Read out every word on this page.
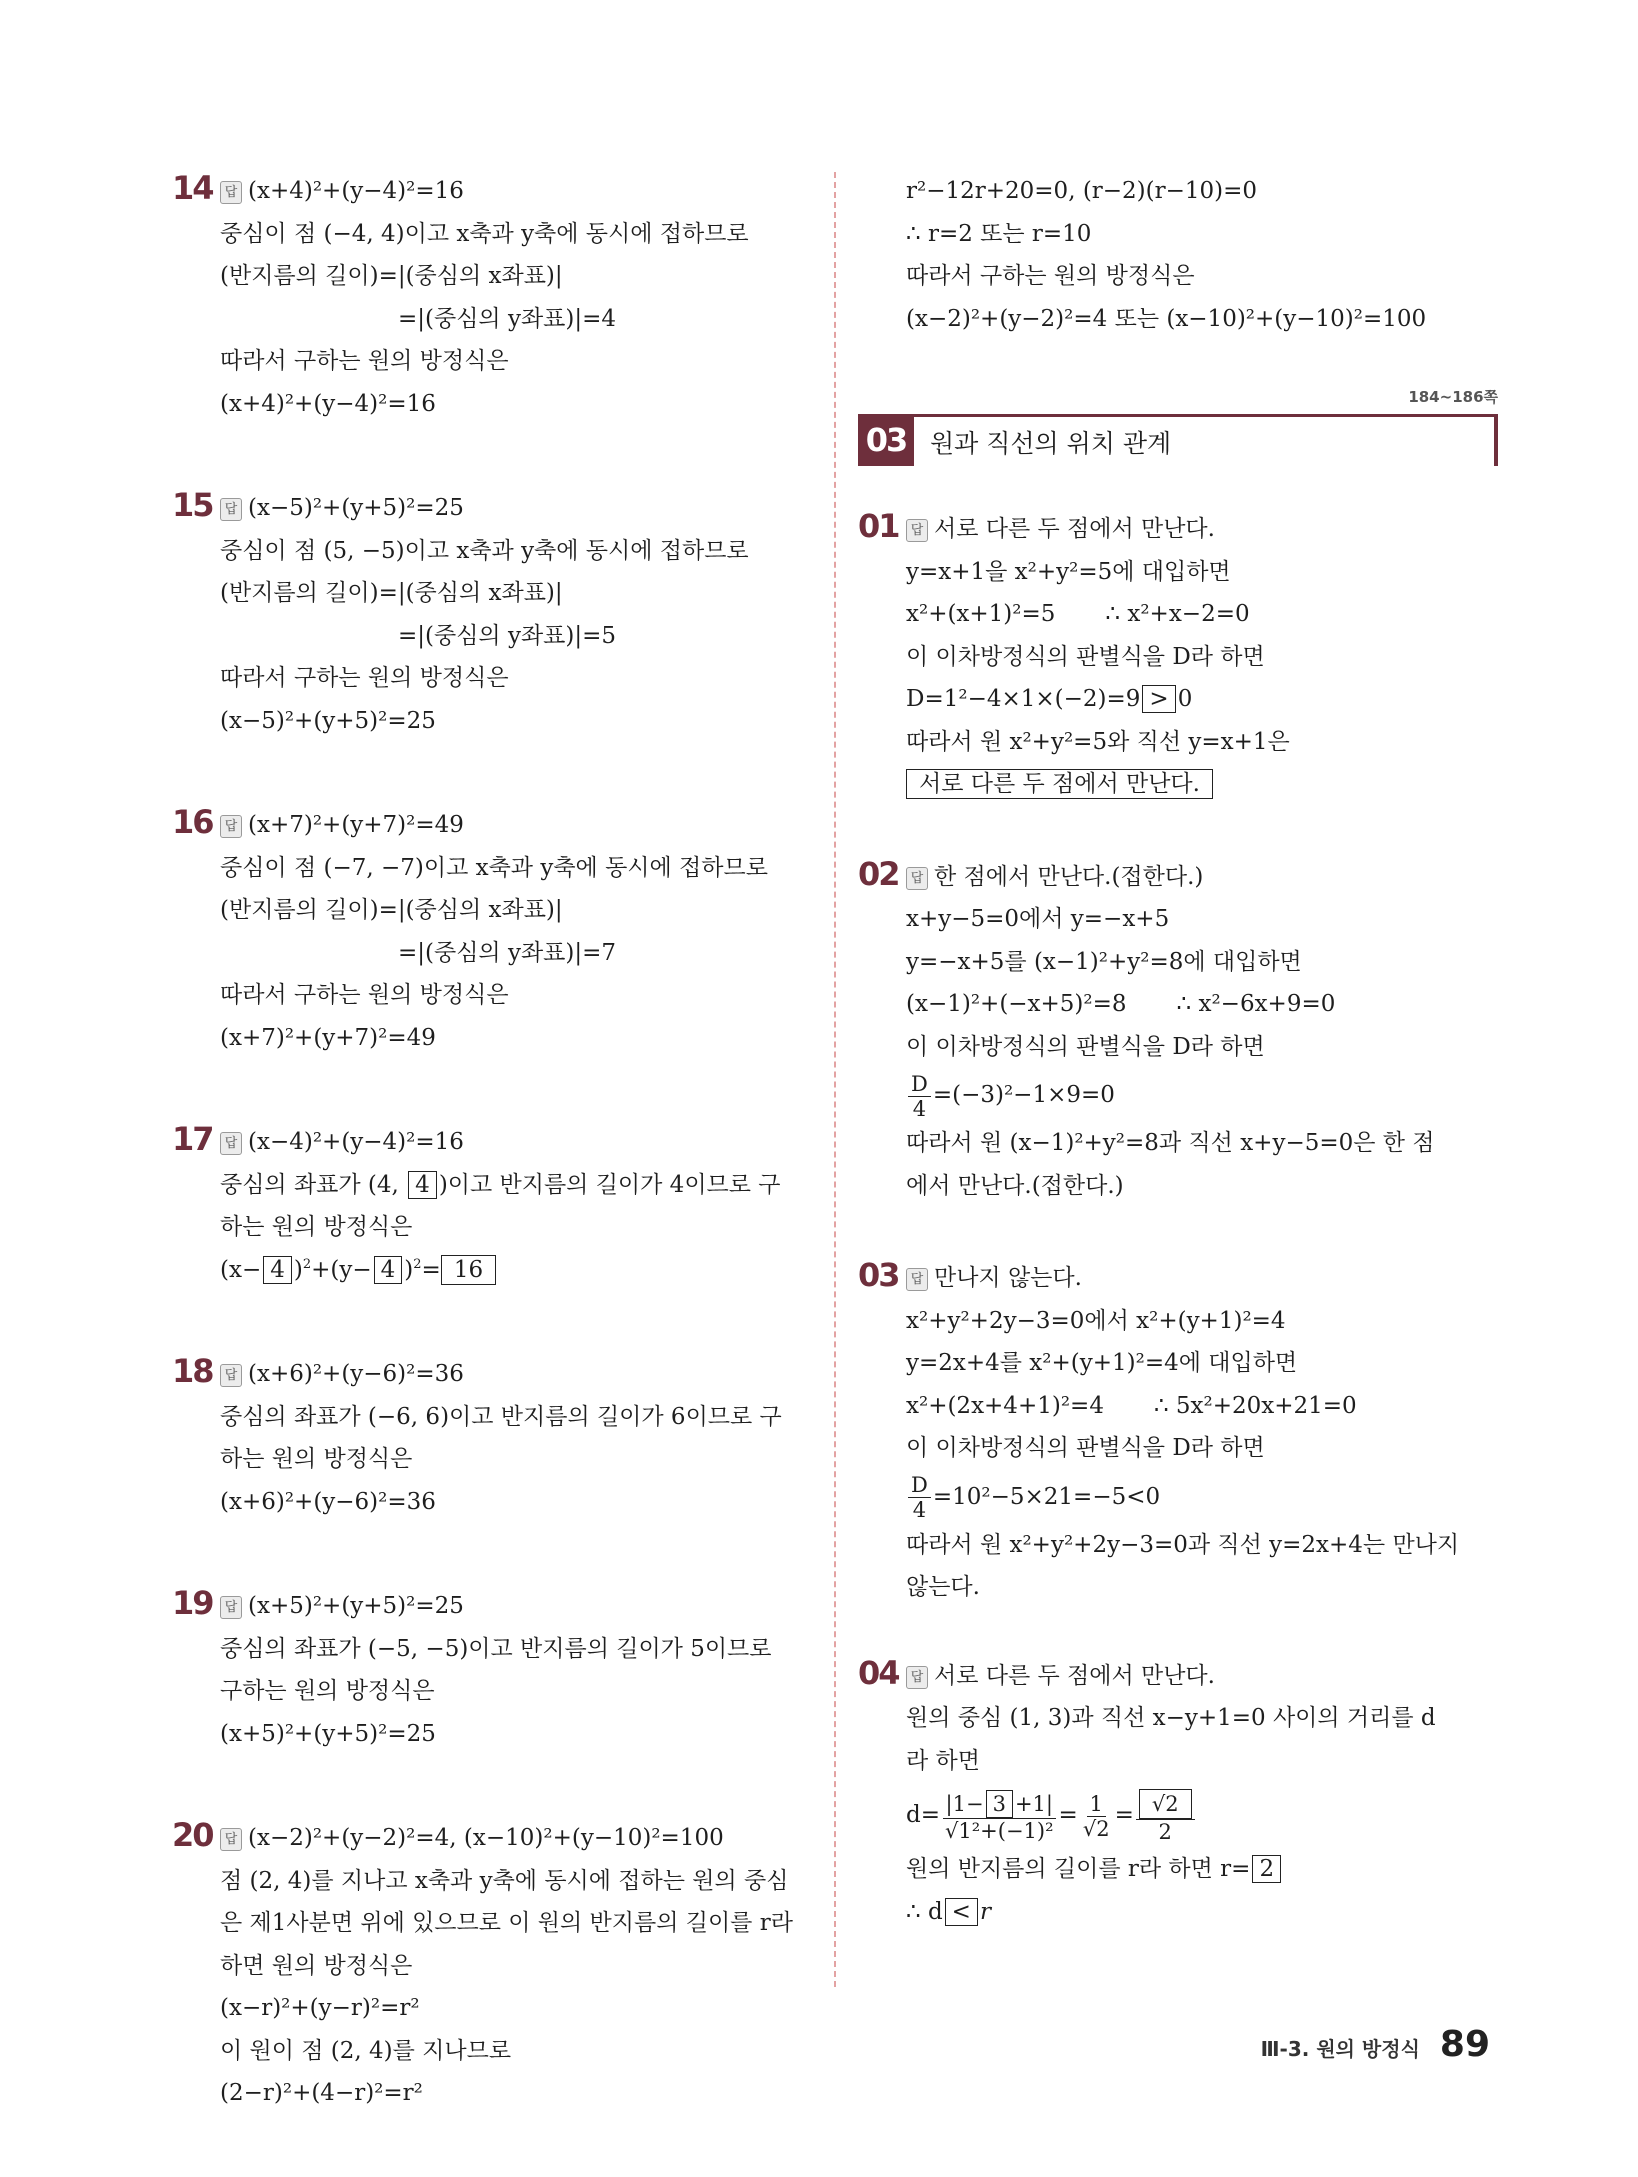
14 답 (x+4)²+(y−4)²=16
중심이 점 (−4, 4)이고 x축과 y축에 동시에 접하므로
(반지름의 길이)=|(중심의 x좌표)|
=|(중심의 y좌표)|=4
따라서 구하는 원의 방정식은
(x+4)²+(y−4)²=16
15 답 (x−5)²+(y+5)²=25
중심이 점 (5, −5)이고 x축과 y축에 동시에 접하므로
(반지름의 길이)=|(중심의 x좌표)|
=|(중심의 y좌표)|=5
따라서 구하는 원의 방정식은
(x−5)²+(y+5)²=25
16 답 (x+7)²+(y+7)²=49
중심이 점 (−7, −7)이고 x축과 y축에 동시에 접하므로
(반지름의 길이)=|(중심의 x좌표)|
=|(중심의 y좌표)|=7
따라서 구하는 원의 방정식은
(x+7)²+(y+7)²=49
17 답 (x−4)²+(y−4)²=16
중심의 좌표가 (4, 4 )이고 반지름의 길이가 4이므로 구
하는 원의 방정식은
(x− 4 )$^2$+(y− 4 )$^2$= 16
18 답 (x+6)²+(y−6)²=36
중심의 좌표가 (−6, 6)이고 반지름의 길이가 6이므로 구
하는 원의 방정식은
(x+6)²+(y−6)²=36
19 답 (x+5)²+(y+5)²=25
중심의 좌표가 (−5, −5)이고 반지름의 길이가 5이므로
구하는 원의 방정식은
(x+5)²+(y+5)²=25
20 답 (x−2)²+(y−2)²=4, (x−10)²+(y−10)²=100
점 (2, 4)를 지나고 x축과 y축에 동시에 접하는 원의 중심
은 제1사분면 위에 있으므로 이 원의 반지름의 길이를 r라
하면 원의 방정식은
(x−r)²+(y−r)²=r²
이 원이 점 (2, 4)를 지나므로
(2−r)²+(4−r)²=r²
r²−12r+20=0, (r−2)(r−10)=0
∴ r=2 또는 r=10
따라서 구하는 원의 방정식은
(x−2)²+(y−2)²=4 또는 (x−10)²+(y−10)²=100
184~186쪽
03 원과 직선의 위치 관계
01 답 서로 다른 두 점에서 만난다.
y=x+1을 x²+y²=5에 대입하면
x²+(x+1)²=5 ∴ x²+x−2=0
이 이차방정식의 판별식을 D라 하면
D=1²−4×1×(−2)=9 > 0
따라서 원 x²+y²=5와 직선 y=x+1은
서로 다른 두 점에서 만난다.
02 답 한 점에서 만난다.(접한다.)
x+y−5=0에서 y=−x+5
y=−x+5를 (x−1)²+y²=8에 대입하면
(x−1)²+(−x+5)²=8 ∴ x²−6x+9=0
이 이차방정식의 판별식을 D라 하면
$\frac{D}{4} =(-3)^2-1\times 9=0$
따라서 원 (x−1)²+y²=8과 직선 x+y−5=0은 한 점
에서 만난다.(접한다.)
03 답 만나지 않는다.
x²+y²+2y−3=0에서 x²+(y+1)²=4
y=2x+4를 x²+(y+1)²=4에 대입하면
x²+(2x+4+1)²=4 ∴ 5x²+20x+21=0
이 이차방정식의 판별식을 D라 하면
$\frac{D}{4} =10^2-5\times 21=-5<0$
따라서 원 x²+y²+2y−3=0과 직선 y=2x+4는 만나지
않는다.
04 답 서로 다른 두 점에서 만난다.
원의 중심 (1, 3)과 직선 x−y+1=0 사이의 거리를 d
라 하면
$d= \frac{|1- 3 +1|}{\text{√1²+(−1)²}} = \frac{1}{√2} = \frac{√2}{2}$
원의 반지름의 길이를 r라 하면 r= 2
∴ d < r
Ⅲ-3. 원의 방정식 89
